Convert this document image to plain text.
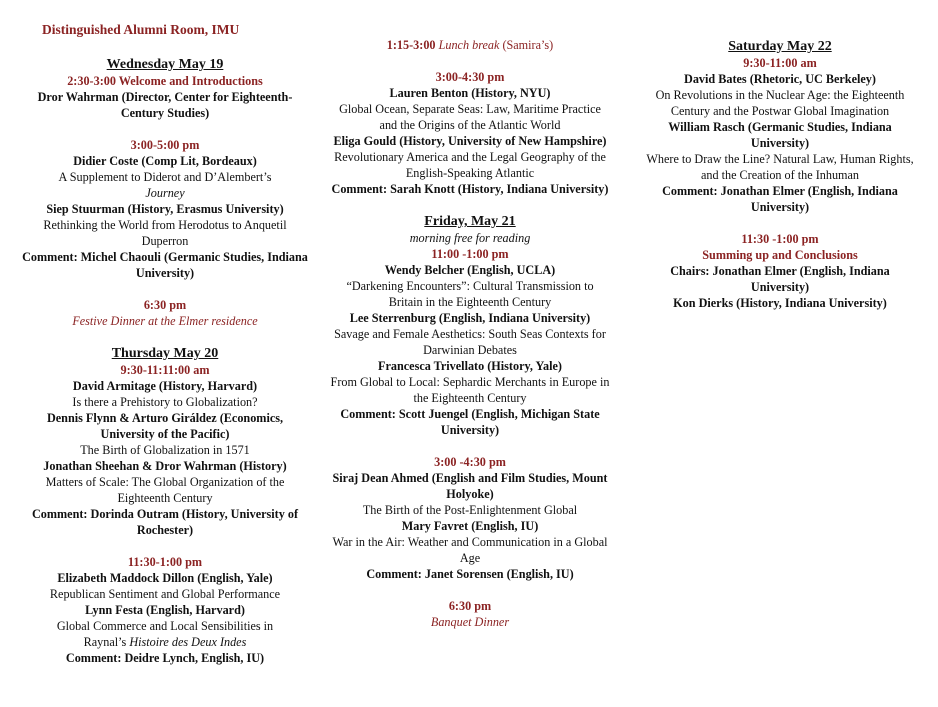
Distinguished Alumni Room, IMU
Wednesday May 19
2:30-3:00 Welcome and Introductions
Dror Wahrman (Director, Center for Eighteenth-Century Studies)
3:00-5:00 pm
Didier Coste (Comp Lit, Bordeaux)
A Supplement to Diderot and D’Alembert’s
Journey
Siep Stuurman (History, Erasmus University)
Rethinking the World from Herodotus to Anquetil Duperron
Comment: Michel Chaouli (Germanic Studies, Indiana University)
6:30 pm
Festive Dinner at the Elmer residence
Thursday May 20
9:30-11:11:00 am
David Armitage (History, Harvard)
Is there a Prehistory to Globalization?
Dennis Flynn & Arturo Giráldez (Economics, University of the Pacific)
The Birth of Globalization in 1571
Jonathan Sheehan & Dror Wahrman (History)
Matters of Scale: The Global Organization of the Eighteenth Century
Comment: Dorinda Outram (History, University of Rochester)
11:30-1:00 pm
Elizabeth Maddock Dillon (English, Yale)
Republican Sentiment and Global Performance
Lynn Festa (English, Harvard)
Global Commerce and Local Sensibilities in
Raynal’s Histoire des Deux Indes
Comment: Deidre Lynch, English, IU)
1:15-3:00 Lunch break (Samira’s)
3:00-4:30 pm
Lauren Benton (History, NYU)
Global Ocean, Separate Seas: Law, Maritime Practice and the Origins of the Atlantic World
Eliga Gould (History, University of New Hampshire)
Revolutionary America and the Legal Geography of the English-Speaking Atlantic
Comment: Sarah Knott (History, Indiana University)
Friday, May 21
morning free for reading
11:00 -1:00 pm
Wendy Belcher (English, UCLA)
“Darkening Encounters”: Cultural Transmission to Britain in the Eighteenth Century
Lee Sterrenburg (English, Indiana University)
Savage and Female Aesthetics: South Seas Contexts for Darwinian Debates
Francesca Trivellato (History, Yale)
From Global to Local: Sephardic Merchants in Europe in the Eighteenth Century
Comment: Scott Juengel (English, Michigan State University)
3:00 -4:30 pm
Siraj Dean Ahmed (English and Film Studies, Mount Holyoke)
The Birth of the Post-Enlightenment Global
Mary Favret (English, IU)
War in the Air: Weather and Communication in a Global Age
Comment: Janet Sorensen (English, IU)
6:30 pm
Banquet Dinner
Saturday May 22
9:30-11:00 am
David Bates (Rhetoric, UC Berkeley)
On Revolutions in the Nuclear Age: the Eighteenth Century and the Postwar Global Imagination
William Rasch (Germanic Studies, Indiana University)
Where to Draw the Line? Natural Law, Human Rights, and the Creation of the Inhuman
Comment: Jonathan Elmer (English, Indiana University)
11:30 -1:00 pm
Summing up and Conclusions
Chairs: Jonathan Elmer (English, Indiana University)
Kon Dierks (History, Indiana University)
